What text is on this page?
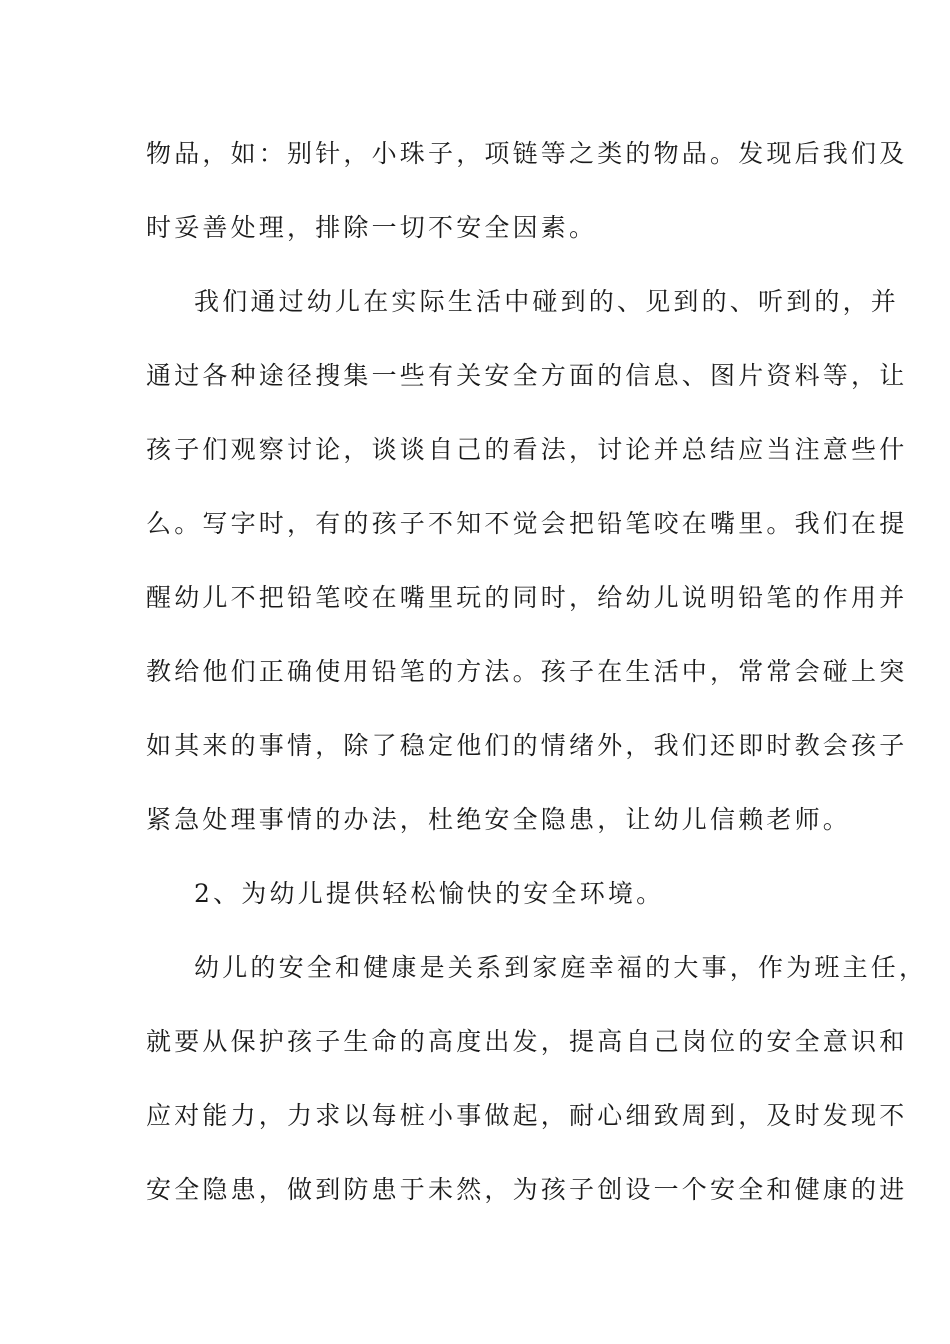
物品，如：别针，小珠子，项链等之类的物品。发现后我们及
时妥善处理，排除一切不安全因素。
我们通过幼儿在实际生活中碰到的、见到的、听到的，并
通过各种途径搜集一些有关安全方面的信息、图片资料等，让
孩子们观察讨论，谈谈自己的看法，讨论并总结应当注意些什
么。写字时，有的孩子不知不觉会把铅笔咬在嘴里。我们在提
醒幼儿不把铅笔咬在嘴里玩的同时，给幼儿说明铅笔的作用并
教给他们正确使用铅笔的方法。孩子在生活中，常常会碰上突
如其来的事情，除了稳定他们的情绪外，我们还即时教会孩子
紧急处理事情的办法，杜绝安全隐患，让幼儿信赖老师。
2、为幼儿提供轻松愉快的安全环境。
幼儿的安全和健康是关系到家庭幸福的大事，作为班主任，
就要从保护孩子生命的高度出发，提高自己岗位的安全意识和
应对能力，力求以每桩小事做起，耐心细致周到，及时发现不
安全隐患，做到防患于未然，为孩子创设一个安全和健康的进
